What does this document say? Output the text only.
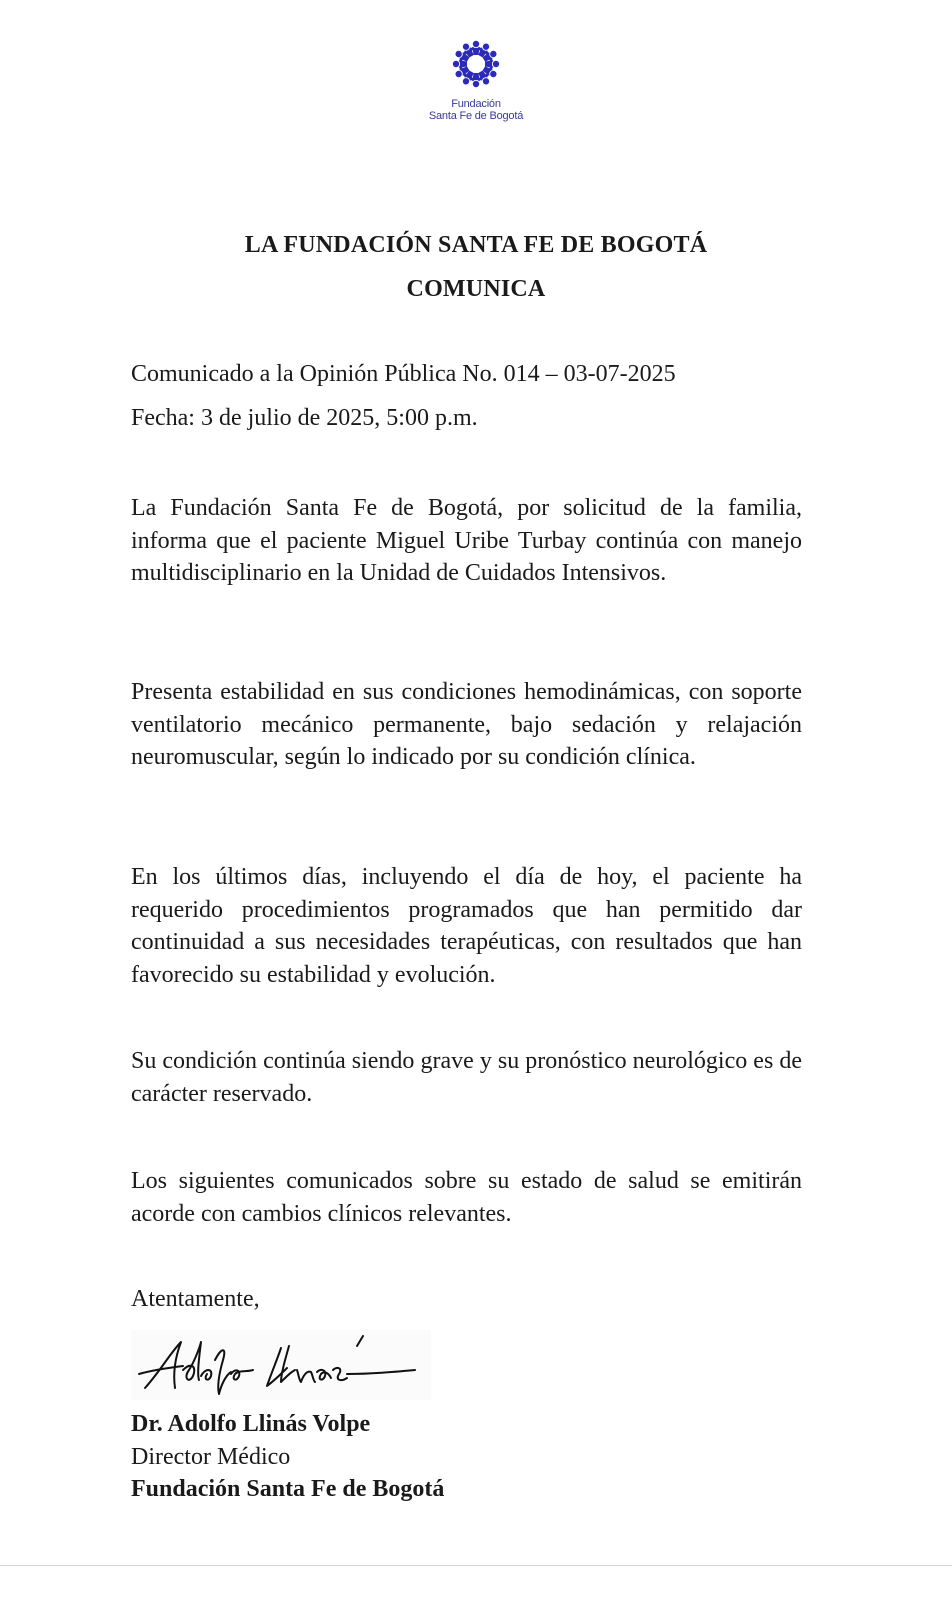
Fundación
Santa Fe de Bogotá
LA FUNDACIÓN SANTA FE DE BOGOTÁ
COMUNICA
Comunicado a la Opinión Pública No. 014 – 03-07-2025
Fecha: 3 de julio de 2025, 5:00 p.m.
La Fundación Santa Fe de Bogotá, por solicitud de la familia, informa que el paciente Miguel Uribe Turbay continúa con manejo multidisciplinario en la Unidad de Cuidados Intensivos.
Presenta estabilidad en sus condiciones hemodinámicas, con soporte ventilatorio mecánico permanente, bajo sedación y relajación neuromuscular, según lo indicado por su condición clínica.
En los últimos días, incluyendo el día de hoy, el paciente ha requerido procedimientos programados que han permitido dar continuidad a sus necesidades terapéuticas, con resultados que han favorecido su estabilidad y evolución.
Su condición continúa siendo grave y su pronóstico neurológico es de carácter reservado.
Los siguientes comunicados sobre su estado de salud se emitirán acorde con cambios clínicos relevantes.
Atentamente,
Dr. Adolfo Llinás Volpe
Director Médico
Fundación Santa Fe de Bogotá
